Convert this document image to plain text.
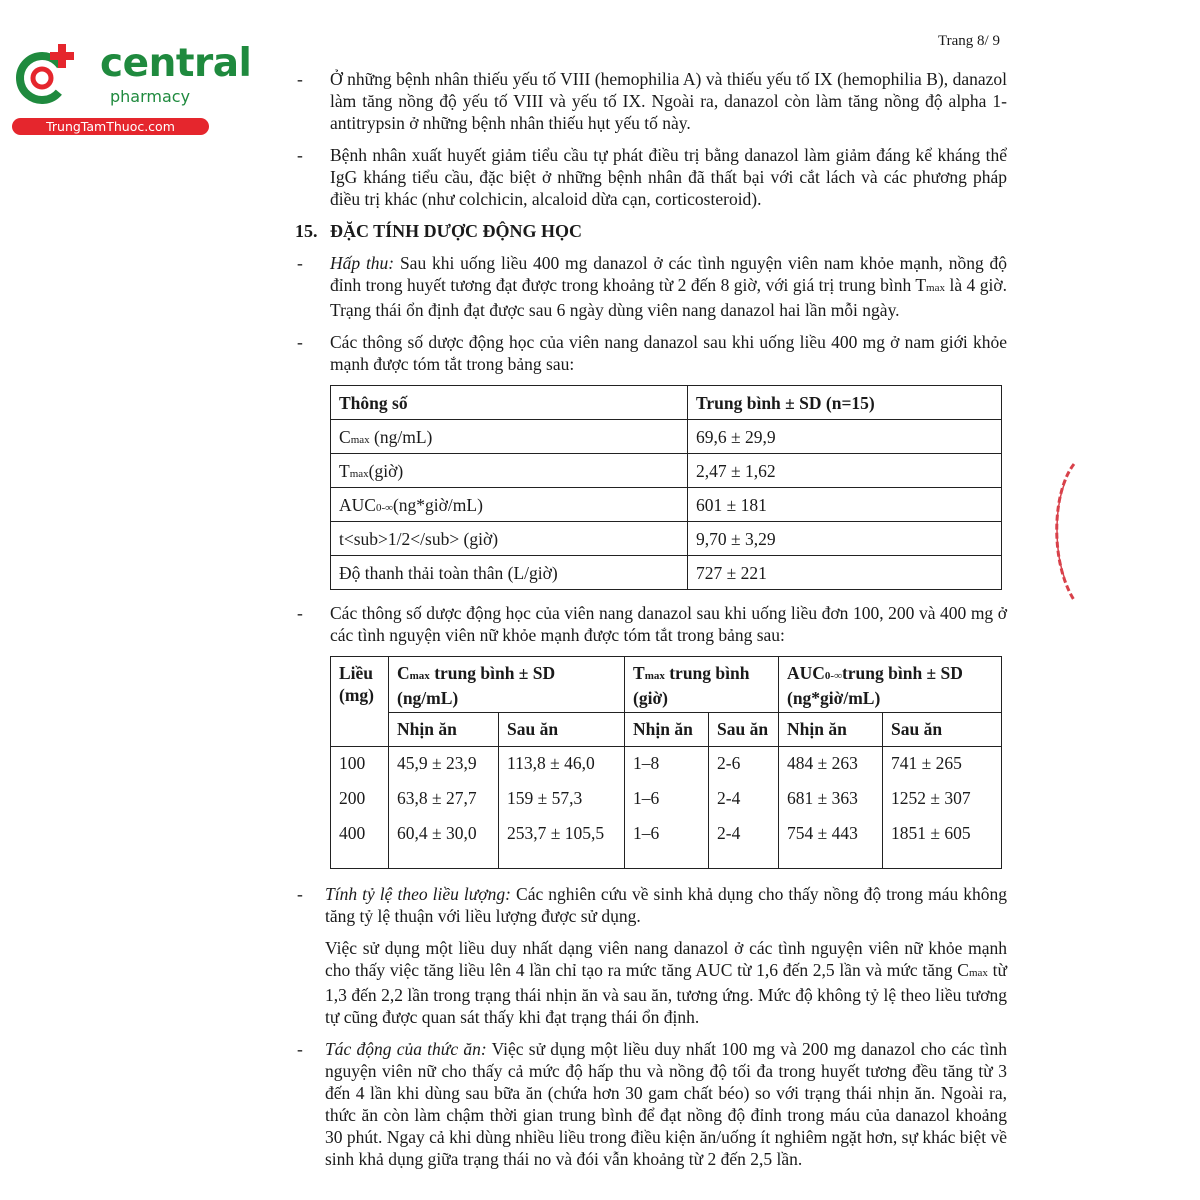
central
pharmacy
TrungTamThuoc.com
Trang 8/ 9
- Ở những bệnh nhân thiếu yếu tố VIII (hemophilia A) và thiếu yếu tố IX (hemophilia B), danazol làm tăng nồng độ yếu tố VIII và yếu tố IX. Ngoài ra, danazol còn làm tăng nồng độ alpha 1-antitrypsin ở những bệnh nhân thiếu hụt yếu tố này.
- Bệnh nhân xuất huyết giảm tiểu cầu tự phát điều trị bằng danazol làm giảm đáng kể kháng thể IgG kháng tiểu cầu, đặc biệt ở những bệnh nhân đã thất bại với cắt lách và các phương pháp điều trị khác (như colchicin, alcaloid dừa cạn, corticosteroid).
15. ĐẶC TÍNH DƯỢC ĐỘNG HỌC
- Hấp thu: Sau khi uống liều 400 mg danazol ở các tình nguyện viên nam khỏe mạnh, nồng độ đỉnh trong huyết tương đạt được trong khoảng từ 2 đến 8 giờ, với giá trị trung bình Tmax là 4 giờ. Trạng thái ổn định đạt được sau 6 ngày dùng viên nang danazol hai lần mỗi ngày.
- Các thông số dược động học của viên nang danazol sau khi uống liều 400 mg ở nam giới khỏe mạnh được tóm tắt trong bảng sau:
Thông số	Trung bình ± SD (n=15)
Cmax (ng/mL)	69,6 ± 29,9
Tmax(giờ)	2,47 ± 1,62
AUC0-∞(ng*giờ/mL)	601 ± 181
t<sub>1/2</sub> (giờ)	9,70 ± 3,29
Độ thanh thải toàn thân (L/giờ)	727 ± 221
- Các thông số dược động học của viên nang danazol sau khi uống liều đơn 100, 200 và 400 mg ở các tình nguyện viên nữ khỏe mạnh được tóm tắt trong bảng sau:
Liều (mg)	Cmax trung bình ± SD (ng/mL)		Tmax trung bình (giờ)		AUC0-∞trung bình ± SD (ng*giờ/mL)	
	Nhịn ăn	Sau ăn	Nhịn ăn	Sau ăn	Nhịn ăn	Sau ăn
100	45,9 ± 23,9	113,8 ± 46,0	1–8	2-6	484 ± 263	741 ± 265
200	63,8 ± 27,7	159 ± 57,3	1–6	2-4	681 ± 363	1252 ± 307
400	60,4 ± 30,0	253,7 ± 105,5	1–6	2-4	754 ± 443	1851 ± 605
- Tính tỷ lệ theo liều lượng: Các nghiên cứu về sinh khả dụng cho thấy nồng độ trong máu không tăng tỷ lệ thuận với liều lượng được sử dụng.
Việc sử dụng một liều duy nhất dạng viên nang danazol ở các tình nguyện viên nữ khỏe mạnh cho thấy việc tăng liều lên 4 lần chỉ tạo ra mức tăng AUC từ 1,6 đến 2,5 lần và mức tăng Cmax từ 1,3 đến 2,2 lần trong trạng thái nhịn ăn và sau ăn, tương ứng. Mức độ không tỷ lệ theo liều tương tự cũng được quan sát thấy khi đạt trạng thái ổn định.
- Tác động của thức ăn: Việc sử dụng một liều duy nhất 100 mg và 200 mg danazol cho các tình nguyện viên nữ cho thấy cả mức độ hấp thu và nồng độ tối đa trong huyết tương đều tăng từ 3 đến 4 lần khi dùng sau bữa ăn (chứa hơn 30 gam chất béo) so với trạng thái nhịn ăn. Ngoài ra, thức ăn còn làm chậm thời gian trung bình để đạt nồng độ đỉnh trong máu của danazol khoảng 30 phút. Ngay cả khi dùng nhiều liều trong điều kiện ăn/uống ít nghiêm ngặt hơn, sự khác biệt về sinh khả dụng giữa trạng thái no và đói vẫn khoảng từ 2 đến 2,5 lần.
